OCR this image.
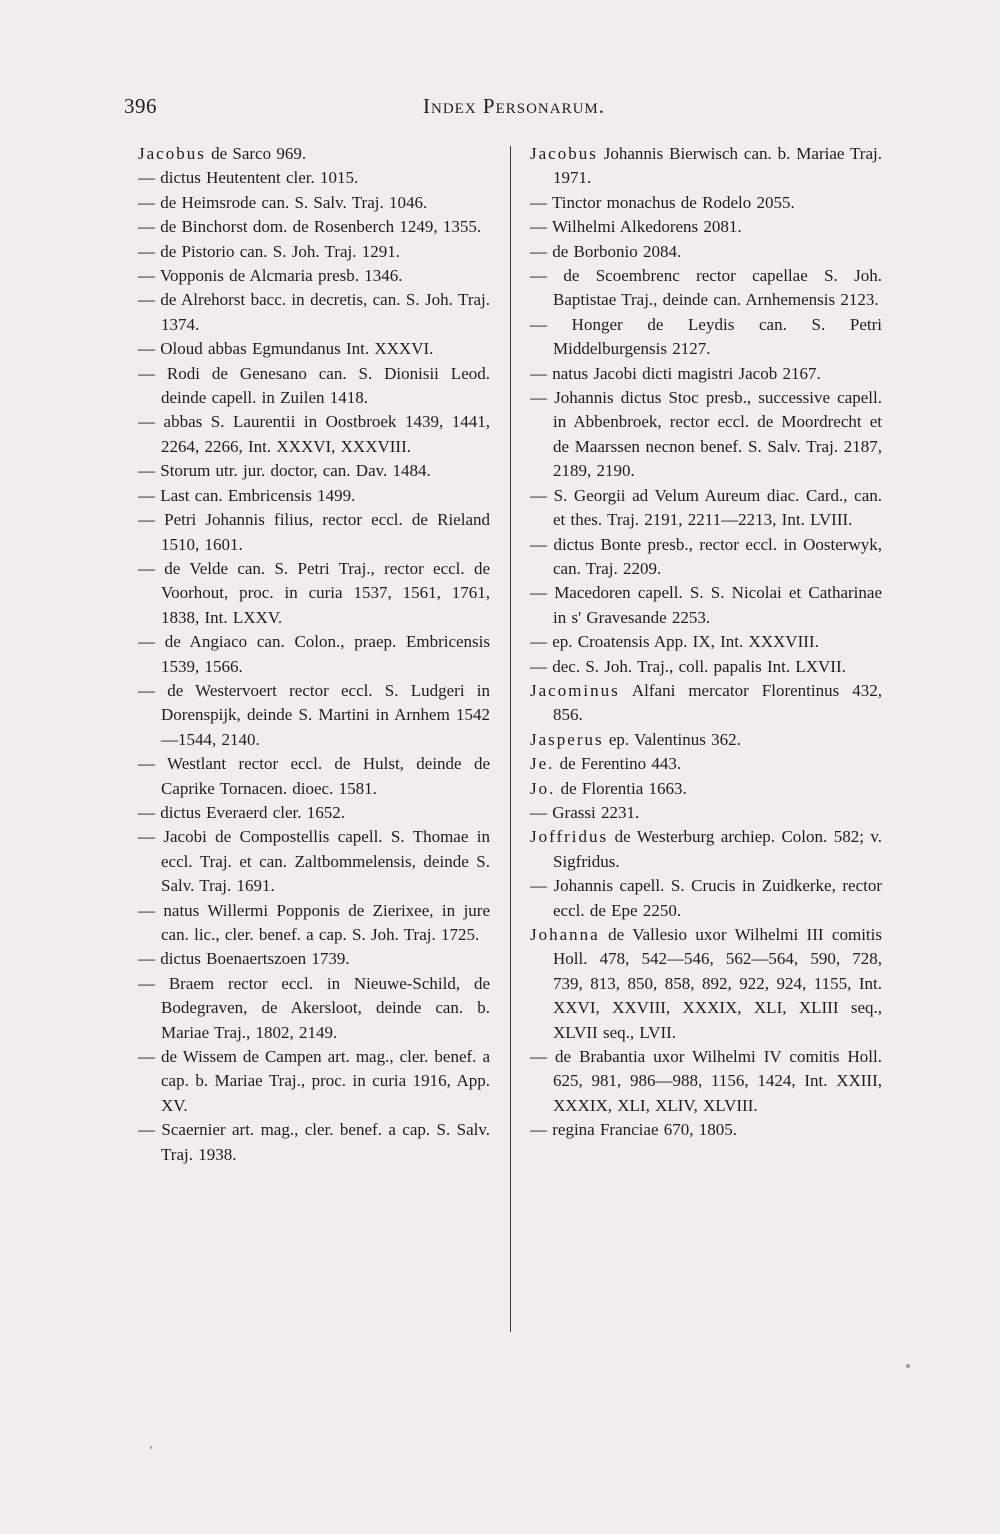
396	Index Personarum.
Jacobus de Sarco 969.
— dictus Heutentent cler. 1015.
— de Heimsrode can. S. Salv. Traj. 1046.
— de Binchorst dom. de Rosenberch 1249, 1355.
— de Pistorio can. S. Joh. Traj. 1291.
— Vopponis de Alcmaria presb. 1346.
— de Alrehorst bacc. in decretis, can. S. Joh. Traj. 1374.
— Oloud abbas Egmundanus Int. XXXVI.
— Rodi de Genesano can. S. Dionisii Leod. deinde capell. in Zuilen 1418.
— abbas S. Laurentii in Oostbroek 1439, 1441, 2264, 2266, Int. XXXVI, XXXVIII.
— Storum utr. jur. doctor, can. Dav. 1484.
— Last can. Embricensis 1499.
— Petri Johannis filius, rector eccl. de Rieland 1510, 1601.
— de Velde can. S. Petri Traj., rector eccl. de Voorhout, proc. in curia 1537, 1561, 1761, 1838, Int. LXXV.
— de Angiaco can. Colon., praep. Embricensis 1539, 1566.
— de Westervoert rector eccl. S. Ludgeri in Dorenspijk, deinde S. Martini in Arnhem 1542—1544, 2140.
— Westlant rector eccl. de Hulst, deinde de Caprike Tornacen. dioec. 1581.
— dictus Everaerd cler. 1652.
— Jacobi de Compostellis capell. S. Thomae in eccl. Traj. et can. Zaltbommelensis, deinde S. Salv. Traj. 1691.
— natus Willermi Popponis de Zierixee, in jure can. lic., cler. benef. a cap. S. Joh. Traj. 1725.
— dictus Boenaertszoen 1739.
— Braem rector eccl. in Nieuwe-Schild, de Bodegraven, de Akersloot, deinde can. b. Mariae Traj., 1802, 2149.
— de Wissem de Campen art. mag., cler. benef. a cap. b. Mariae Traj., proc. in curia 1916, App. XV.
— Scaernier art. mag., cler. benef. a cap. S. Salv. Traj. 1938.
Jacobus Johannis Bierwisch can. b. Mariae Traj. 1971.
— Tinctor monachus de Rodelo 2055.
— Wilhelmi Alkedorens 2081.
— de Borbonio 2084.
— de Scoembrenc rector capellae S. Joh. Baptistae Traj., deinde can. Arnhemensis 2123.
— Honger de Leydis can. S. Petri Middelburgensis 2127.
— natus Jacobi dicti magistri Jacob 2167.
— Johannis dictus Stoc presb., successive capell. in Abbenbroek, rector eccl. de Moordrecht et de Maarssen necnon benef. S. Salv. Traj. 2187, 2189, 2190.
— S. Georgii ad Velum Aureum diac. Card., can. et thes. Traj. 2191, 2211—2213, Int. LVIII.
— dictus Bonte presb., rector eccl. in Oosterwyk, can. Traj. 2209.
— Macedoren capell. S. S. Nicolai et Catharinae in s' Gravesande 2253.
— ep. Croatensis App. IX, Int. XXXVIII.
— dec. S. Joh. Traj., coll. papalis Int. LXVII.
Jacominus Alfani mercator Florentinus 432, 856.
Jasperus ep. Valentinus 362.
Je. de Ferentino 443.
Jo. de Florentia 1663.
— Grassi 2231.
Joffridus de Westerburg archiep. Colon. 582; v. Sigfridus.
— Johannis capell. S. Crucis in Zuidkerke, rector eccl. de Epe 2250.
Johanna de Vallesio uxor Wilhelmi III comitis Holl. 478, 542—546, 562—564, 590, 728, 739, 813, 850, 858, 892, 922, 924, 1155, Int. XXVI, XXVIII, XXXIX, XLI, XLIII seq., XLVII seq., LVII.
— de Brabantia uxor Wilhelmi IV comitis Holl. 625, 981, 986—988, 1156, 1424, Int. XXIII, XXXIX, XLI, XLIV, XLVIII.
— regina Franciae 670, 1805.
